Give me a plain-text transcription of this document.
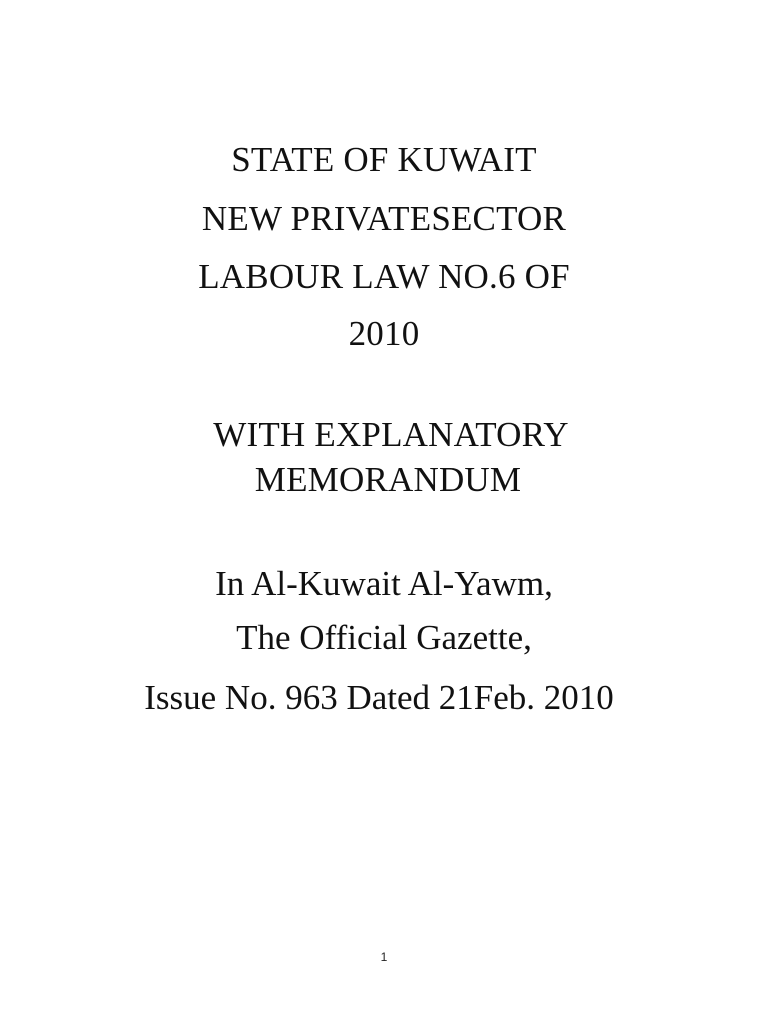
STATE OF KUWAIT
NEW PRIVATESECTOR
LABOUR LAW NO.6 OF
2010
WITH EXPLANATORY
MEMORANDUM
In Al-Kuwait Al-Yawm,
The Official Gazette,
Issue No. 963 Dated 21Feb. 2010
1
